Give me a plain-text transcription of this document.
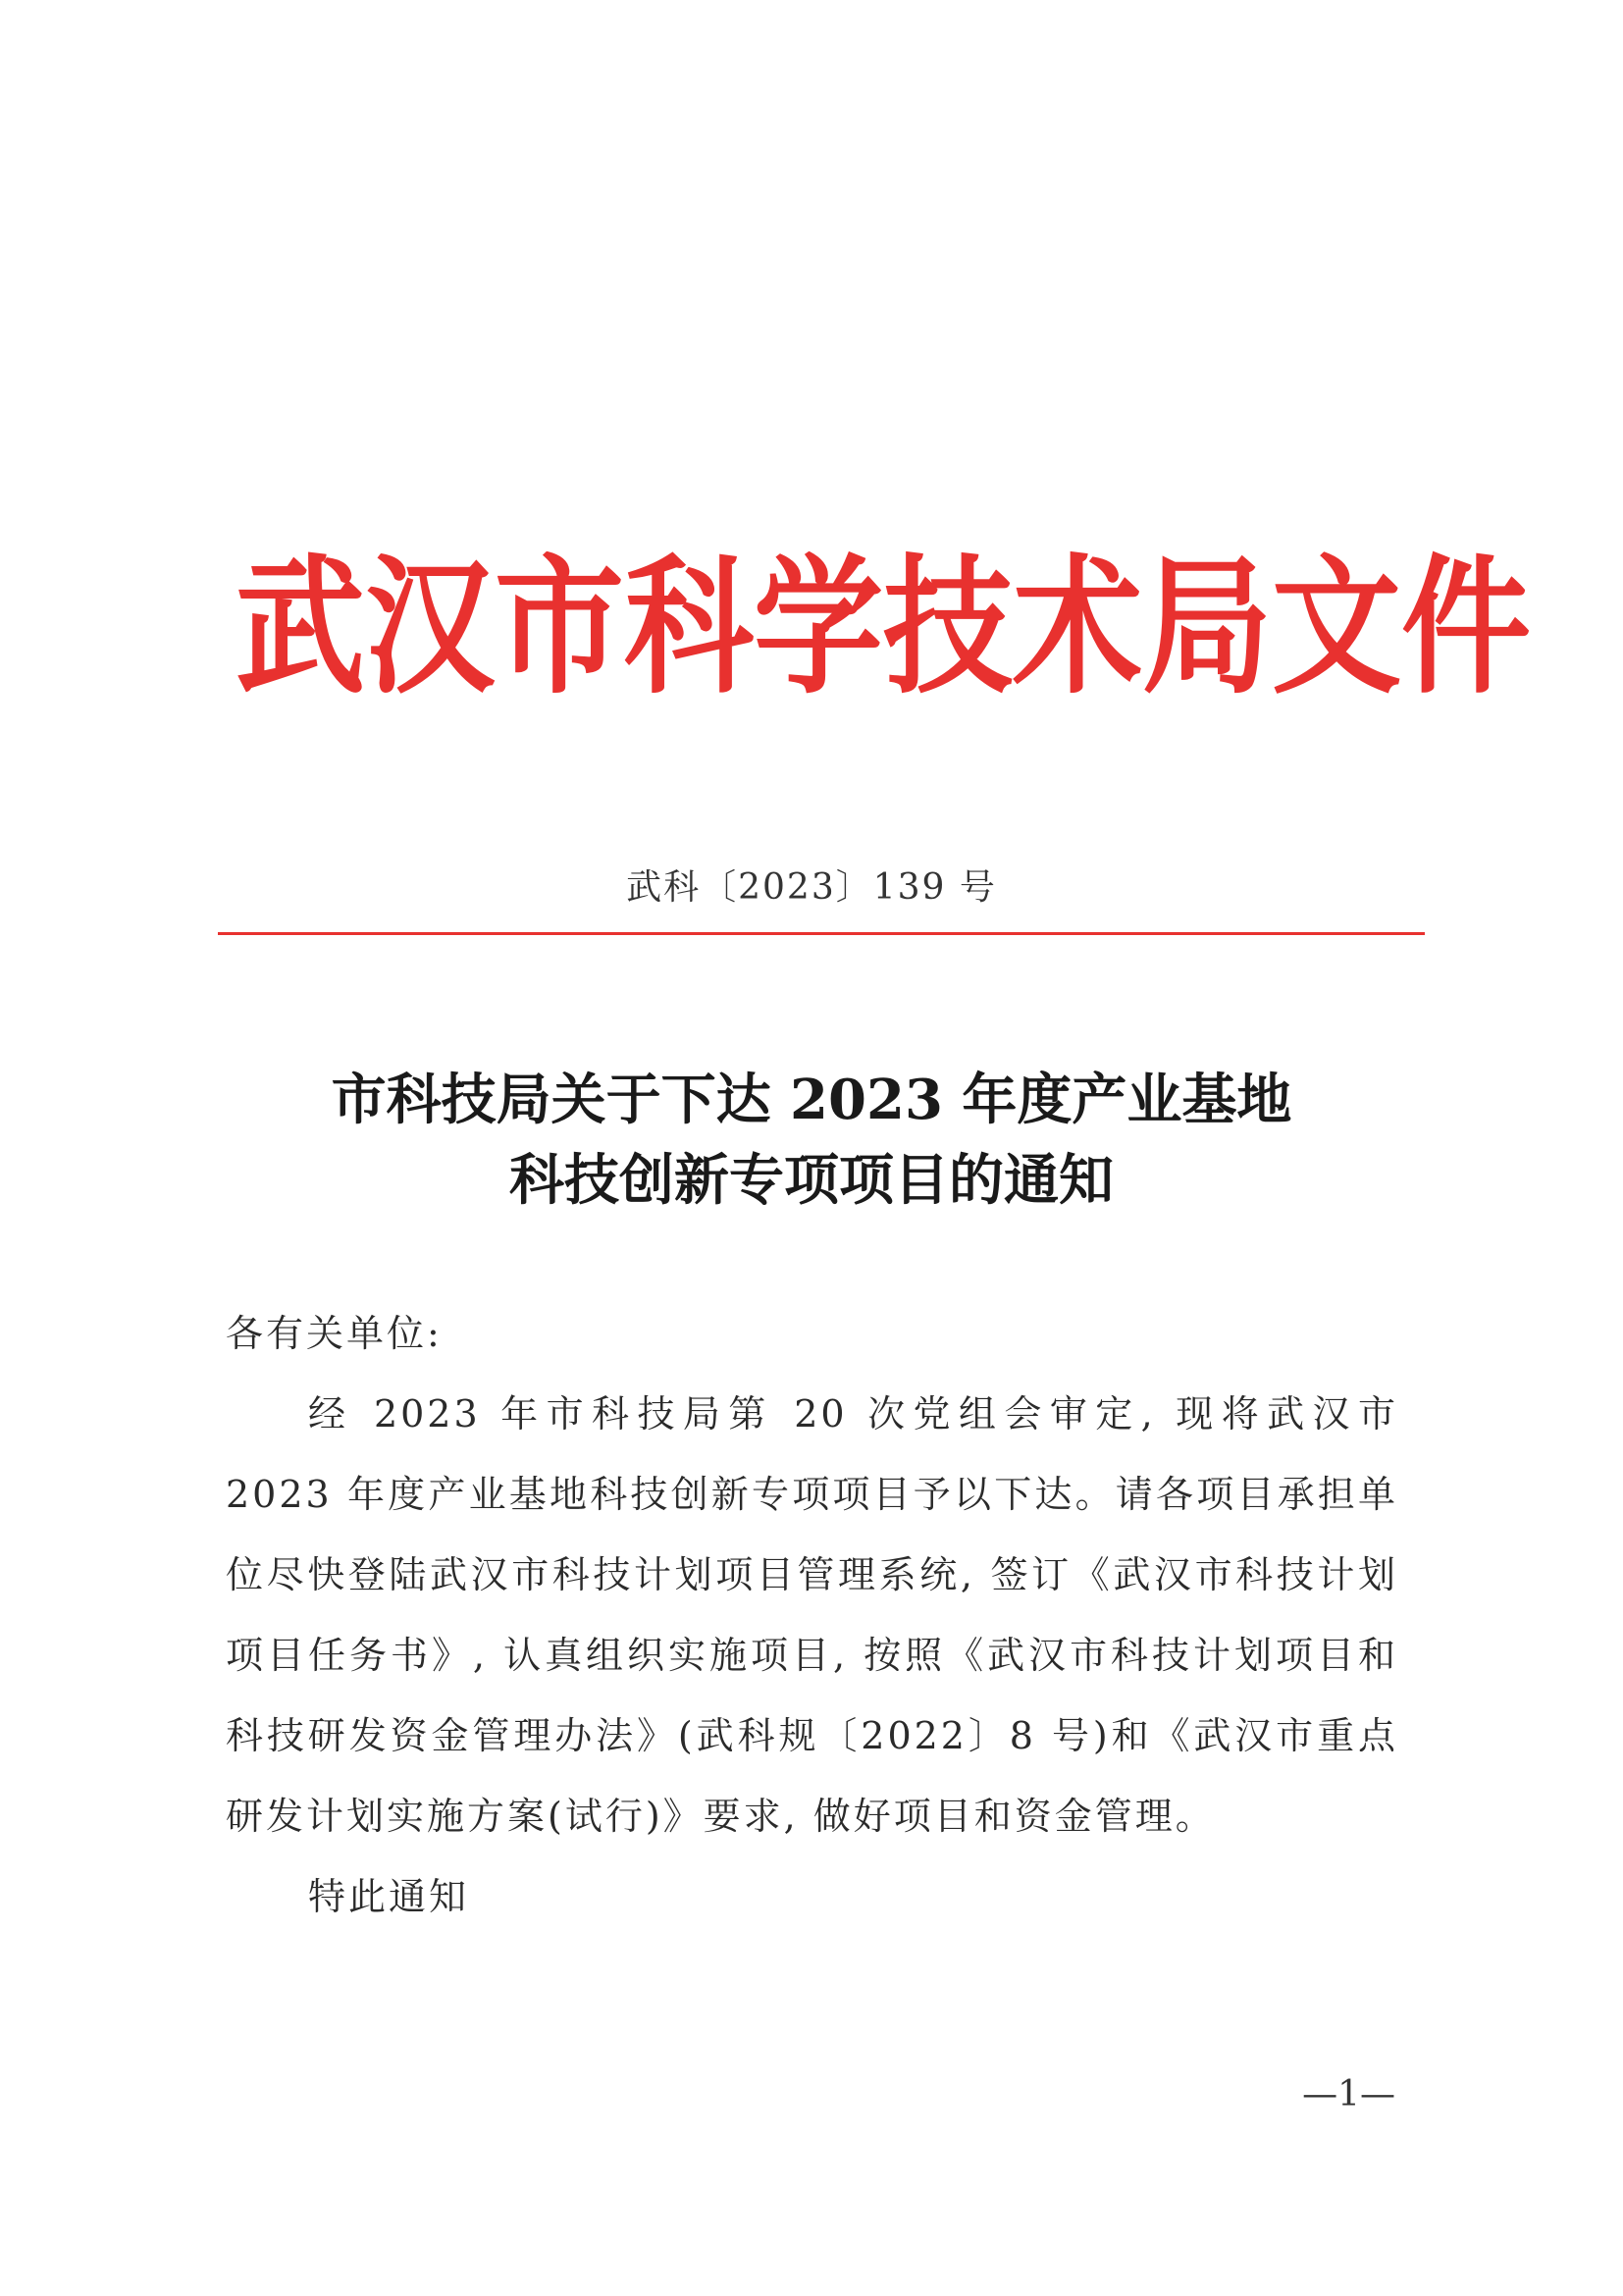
武 汉 市 科 学 技 术 局 文 件
武科〔2023〕139 号
市科技局关于下达 2023 年度产业基地
科技创新专项项目的通知

各有关单位:

经 2023 年市科技局第 20 次党组会审定, 现将武汉市 2023 年度产业基地科技创新专项项目予以下达。请各项目承担单位尽快登陆武汉市科技计划项目管理系统, 签订《武汉市科技计划项目任务书》, 认真组织实施项目, 按照《武汉市科技计划项目和科技研发资金管理办法》(武科规〔2022〕8 号)和《武汉市重点研发计划实施方案(试行)》要求, 做好项目和资金管理。

特此通知

—1—
